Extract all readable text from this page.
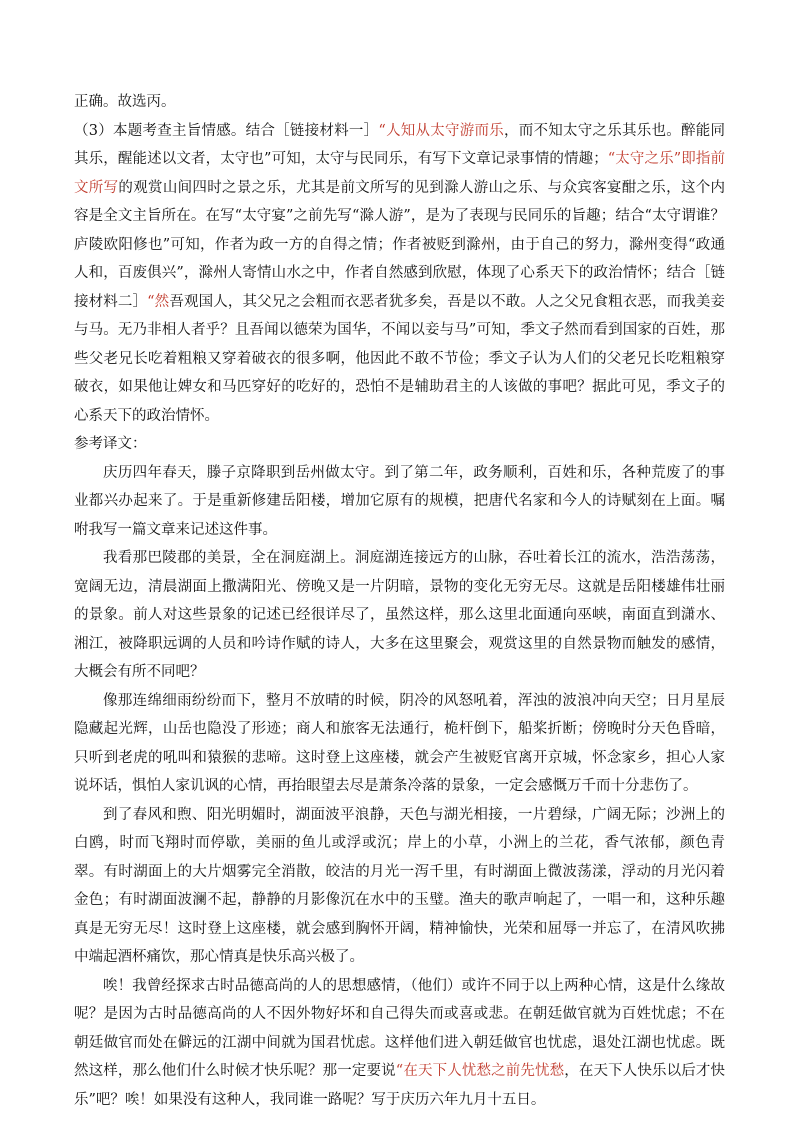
正确。故选丙。

（3）本题考查主旨情感。结合［链接材料一］“人知从太守游而乐，而不知太守之乐其乐也。醉能同其乐，醒能述以文者，太守也”可知，太守与民同乐，有写下文章记录事情的情趣；“太守之乐”即指前文所写的观赏山间四时之景之乐，尤其是前文所写的见到滁人游山之乐、与众宾客宴酣之乐，这个内容是全文主旨所在。在写“太守宴”之前先写“滁人游”，是为了表现与民同乐的旨趣；结合“太守谓谁？庐陵欧阳修也”可知，作者为政一方的自得之情；作者被贬到滁州，由于自己的努力，滁州变得“政通人和，百废俱兴”，滁州人寄情山水之中，作者自然感到欣慰，体现了心系天下的政治情怀；结合［链接材料二］“然吾观国人，其父兄之会粗而衣恶者犹多矣，吾是以不敢。人之父兄食粗衣恶，而我美妾与马。无乃非相人者乎？且吾闻以德荣为国华，不闻以妾与马”可知，季文子然而看到国家的百姓，那些父老兄长吃着粗粮又穿着破衣的很多啊，他因此不敢不节俭；季文子认为人们的父老兄长吃粗粮穿破衣，如果他让婢女和马匹穿好的吃好的，恐怕不是辅助君主的人该做的事吧？据此可见，季文子的心系天下的政治情怀。

参考译文：

庆历四年春天，滕子京降职到岳州做太守。到了第二年，政务顺利，百姓和乐，各种荒废了的事业都兴办起来了。于是重新修建岳阳楼，增加它原有的规模，把唐代名家和今人的诗赋刻在上面。嘱咐我写一篇文章来记述这件事。

我看那巴陵郡的美景，全在洞庭湖上。洞庭湖连接远方的山脉，吞吐着长江的流水，浩浩荡荡，宽阔无边，清晨湖面上撒满阳光、傍晚又是一片阴暗，景物的变化无穷无尽。这就是岳阳楼雄伟壮丽的景象。前人对这些景象的记述已经很详尽了，虽然这样，那么这里北面通向巫峡，南面直到潇水、湘江，被降职远调的人员和吟诗作赋的诗人，大多在这里聚会，观赏这里的自然景物而触发的感情，大概会有所不同吧？

像那连绵细雨纷纷而下，整月不放晴的时候，阴冷的风怒吼着，浑浊的波浪冲向天空；日月星辰隐藏起光辉，山岳也隐没了形迹；商人和旅客无法通行，桅杆倒下，船桨折断；傍晚时分天色昏暗，只听到老虎的吼叫和猿猴的悲啼。这时登上这座楼，就会产生被贬官离开京城，怀念家乡，担心人家说坏话，惧怕人家讥讽的心情，再抬眼望去尽是萧条冷落的景象，一定会感慨万千而十分悲伤了。

到了春风和煦、阳光明媚时，湖面波平浪静，天色与湖光相接，一片碧绿，广阔无际；沙洲上的白鸥，时而飞翔时而停歇，美丽的鱼儿或浮或沉；岸上的小草，小洲上的兰花，香气浓郁，颜色青翠。有时湖面上的大片烟雾完全消散，皎洁的月光一泻千里，有时湖面上微波荡漾，浮动的月光闪着金色；有时湖面波澜不起，静静的月影像沉在水中的玉璧。渔夫的歌声响起了，一唱一和，这种乐趣真是无穷无尽！这时登上这座楼，就会感到胸怀开阔，精神愉快，光荣和屈辱一并忘了，在清风吹拂中端起酒杯痛饮，那心情真是快乐高兴极了。

唉！我曾经探求古时品德高尚的人的思想感情，（他们）或许不同于以上两种心情，这是什么缘故呢？是因为古时品德高尚的人不因外物好坏和自己得失而或喜或悲。在朝廷做官就为百姓忧虑；不在朝廷做官而处在僻远的江湖中间就为国君忧虑。这样他们进入朝廷做官也忧虑，退处江湖也忧虑。既然这样，那么他们什么时候才快乐呢？那一定要说“在天下人忧愁之前先忧愁，在天下人快乐以后才快乐”吧？唉！如果没有这种人，我同谁一路呢？写于庆历六年九月十五日。
